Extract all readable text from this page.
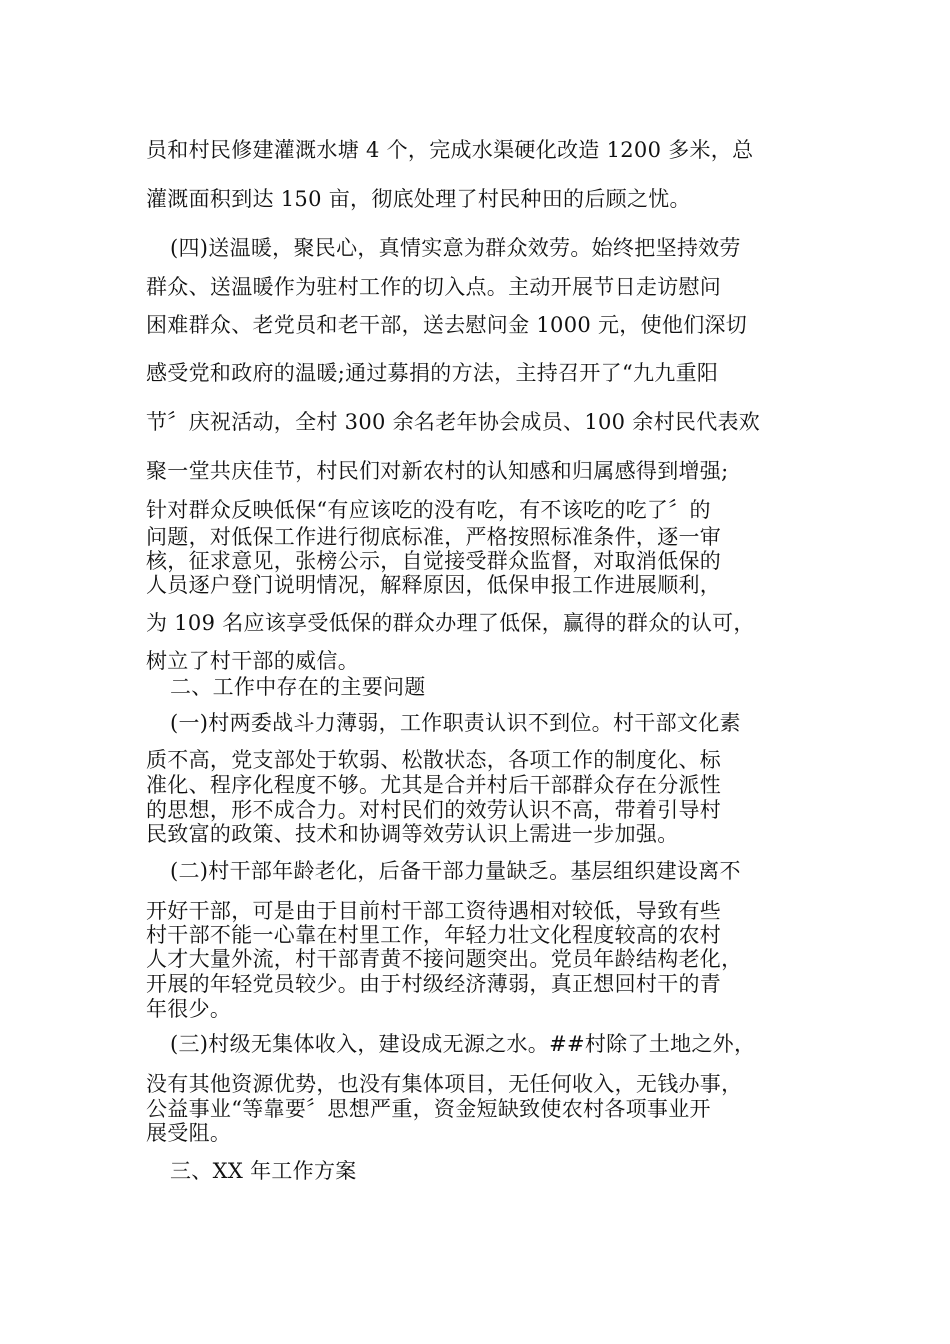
员和村民修建灌溉水塘 4 个，完成水渠硬化改造 1200 多米，总

灌溉面积到达 150 亩，彻底处理了村民种田的后顾之忧。

(四)送温暖，聚民心，真情实意为群众效劳。始终把坚持效劳

群众、送温暖作为驻村工作的切入点。主动开展节日走访慰问

困难群众、老党员和老干部，送去慰问金 1000 元，使他们深切

感受党和政府的温暖;通过募捐的方法，主持召开了“九九重阳

节〞庆祝活动，全村 300 余名老年协会成员、100 余村民代表欢

聚一堂共庆佳节，村民们对新农村的认知感和归属感得到增强;

针对群众反映低保“有应该吃的没有吃，有不该吃的吃了〞的

问题，对低保工作进行彻底标准，严格按照标准条件，逐一审

核，征求意见，张榜公示，自觉接受群众监督，对取消低保的

人员逐户登门说明情况，解释原因，低保申报工作进展顺利，

为 109 名应该享受低保的群众办理了低保，赢得的群众的认可，

树立了村干部的威信。

二、工作中存在的主要问题

(一)村两委战斗力薄弱，工作职责认识不到位。村干部文化素

质不高，党支部处于软弱、松散状态，各项工作的制度化、标

准化、程序化程度不够。尤其是合并村后干部群众存在分派性

的思想，形不成合力。对村民们的效劳认识不高，带着引导村

民致富的政策、技术和协调等效劳认识上需进一步加强。

(二)村干部年龄老化，后备干部力量缺乏。基层组织建设离不

开好干部，可是由于目前村干部工资待遇相对较低，导致有些

村干部不能一心靠在村里工作，年轻力壮文化程度较高的农村

人才大量外流，村干部青黄不接问题突出。党员年龄结构老化，

开展的年轻党员较少。由于村级经济薄弱，真正想回村干的青

年很少。

(三)村级无集体收入，建设成无源之水。##村除了土地之外，

没有其他资源优势，也没有集体项目，无任何收入，无钱办事，

公益事业“等靠要〞思想严重，资金短缺致使农村各项事业开

展受阻。

三、XX 年工作方案
